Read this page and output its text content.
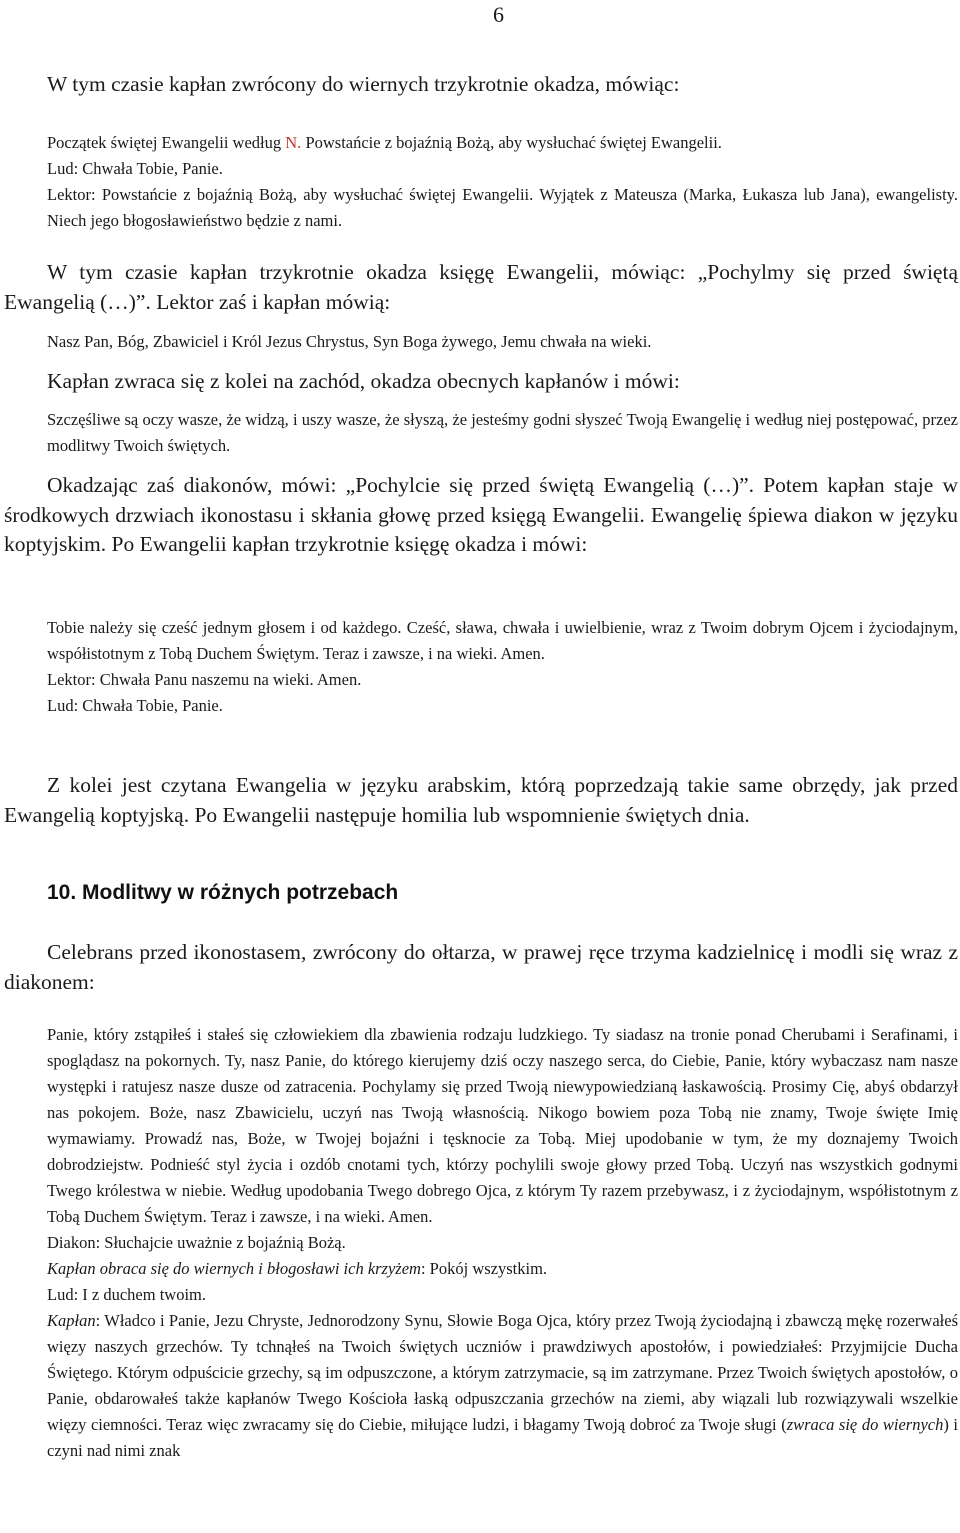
6
W tym czasie kapłan zwrócony do wiernych trzykrotnie okadza, mówiąc:

Początek świętej Ewangelii według N. Powstańcie z bojaźnią Bożą, aby wysłuchać świętej Ewangelii.

Lud: Chwała Tobie, Panie.

Lektor: Powstańcie z bojaźnią Bożą, aby wysłuchać świętej Ewangelii. Wyjątek z Mateusza (Marka, Łukasza lub Jana), ewangelisty. Niech jego błogosławieństwo będzie z nami.

W tym czasie kapłan trzykrotnie okadza księgę Ewangelii, mówiąc: „Pochylmy się przed świętą Ewangelią (…)”. Lektor zaś i kapłan mówią:
Nasz Pan, Bóg, Zbawiciel i Król Jezus Chrystus, Syn Boga żywego, Jemu chwała na wieki.
Kapłan zwraca się z kolei na zachód, okadza obecnych kapłanów i mówi:
Szczęśliwe są oczy wasze, że widzą, i uszy wasze, że słyszą, że jesteśmy godni słyszeć Twoją Ewangelię i według niej postępować, przez modlitwy Twoich świętych.
Okadzając zaś diakonów, mówi: „Pochylcie się przed świętą Ewangelią (…)”. Potem kapłan staje w środkowych drzwiach ikonostasu i skłania głowę przed księgą Ewangelii. Ewangelię śpiewa diakon w języku koptyjskim. Po Ewangelii kapłan trzykrotnie księgę okadza i mówi:

Tobie należy się cześć jednym głosem i od każdego. Cześć, sława, chwała i uwielbienie, wraz z Twoim dobrym Ojcem i życiodajnym, współistotnym z Tobą Duchem Świętym. Teraz i zawsze, i na wieki. Amen.

Lektor: Chwała Panu naszemu na wieki. Amen.

Lud: Chwała Tobie, Panie.

Z kolei jest czytana Ewangelia w języku arabskim, którą poprzedzają takie same obrzędy, jak przed Ewangelią koptyjską. Po Ewangelii następuje homilia lub wspomnienie świętych dnia.
10. Modlitwy w różnych potrzebach
Celebrans przed ikonostasem, zwrócony do ołtarza, w prawej ręce trzyma kadzielnicę i modli się wraz z diakonem:

Panie, który zstąpiłeś i stałeś się człowiekiem dla zbawienia rodzaju ludzkiego. Ty siadasz na tronie ponad Cherubami i Serafinami, i spoglądasz na pokornych. Ty, nasz Panie, do którego kierujemy dziś oczy naszego serca, do Ciebie, Panie, który wybaczasz nam nasze występki i ratujesz nasze dusze od zatracenia. Pochylamy się przed Twoją niewypowiedzianą łaskawością. Prosimy Cię, abyś obdarzył nas pokojem. Boże, nasz Zbawicielu, uczyń nas Twoją własnością. Nikogo bowiem poza Tobą nie znamy, Twoje święte Imię wymawiamy. Prowadź nas, Boże, w Twojej bojaźni i tęsknocie za Tobą. Miej upodobanie w tym, że my doznajemy Twoich dobrodziejstw. Podnieść styl życia i ozdób cnotami tych, którzy pochylili swoje głowy przed Tobą. Uczyń nas wszystkich godnymi Twego królestwa w niebie. Według upodobania Twego dobrego Ojca, z którym Ty razem przebywasz, i z życiodajnym, współistotnym z Tobą Duchem Świętym. Teraz i zawsze, i na wieki. Amen.

Diakon: Słuchajcie uważnie z bojaźnią Bożą.

Kapłan obraca się do wiernych i błogosławi ich krzyżem: Pokój wszystkim.

Lud: I z duchem twoim.

Kapłan: Władco i Panie, Jezu Chryste, Jednorodzony Synu, Słowie Boga Ojca, który przez Twoją życiodajną i zbawczą mękę rozerwałeś więzy naszych grzechów. Ty tchnąłeś na Twoich świętych uczniów i prawdziwych apostołów, i powiedziałeś: Przyjmijcie Ducha Świętego. Którym odpuścicie grzechy, są im odpuszczone, a którym zatrzymacie, są im zatrzymane. Przez Twoich świętych apostołów, o Panie, obdarowałeś także kapłanów Twego Kościoła łaską odpuszczania grzechów na ziemi, aby wiązali lub rozwiązywali wszelkie więzy ciemności. Teraz więc zwracamy się do Ciebie, miłujące ludzi, i błagamy Twoją dobroć za Twoje sługi (zwraca się do wiernych) i czyni nad nimi znak
